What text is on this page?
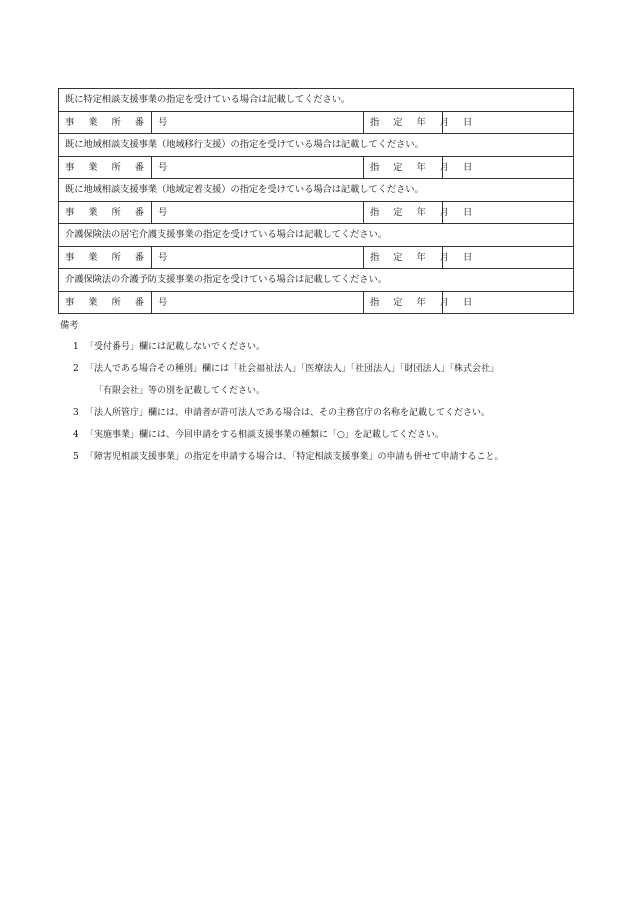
既に特定相談支援事業の指定を受けている場合は記載してください。			
事 業 所 番 号		指 定 年 月 日	
既に地域相談支援事業（地域移行支援）の指定を受けている場合は記載してください。			
事 業 所 番 号		指 定 年 月 日	
既に地域相談支援事業（地域定着支援）の指定を受けている場合は記載してください。			
事 業 所 番 号		指 定 年 月 日	
介護保険法の居宅介護支援事業の指定を受けている場合は記載してください。			
事 業 所 番 号		指 定 年 月 日	
介護保険法の介護予防支援事業の指定を受けている場合は記載してください。			
事 業 所 番 号		指 定 年 月 日	
備考
1 「受付番号」欄には記載しないでください。
2 「法人である場合その種別」欄には「社会福祉法人」「医療法人」「社団法人」「財団法人」「株式会社」
「有限会社」等の別を記載してください。
3 「法人所管庁」欄には、申請者が許可法人である場合は、その主務官庁の名称を記載してください。
4 「実施事業」欄には、今回申請をする相談支援事業の種類に「○」を記載してください。
5 「障害児相談支援事業」の指定を申請する場合は、「特定相談支援事業」の申請も併せて申請すること。
